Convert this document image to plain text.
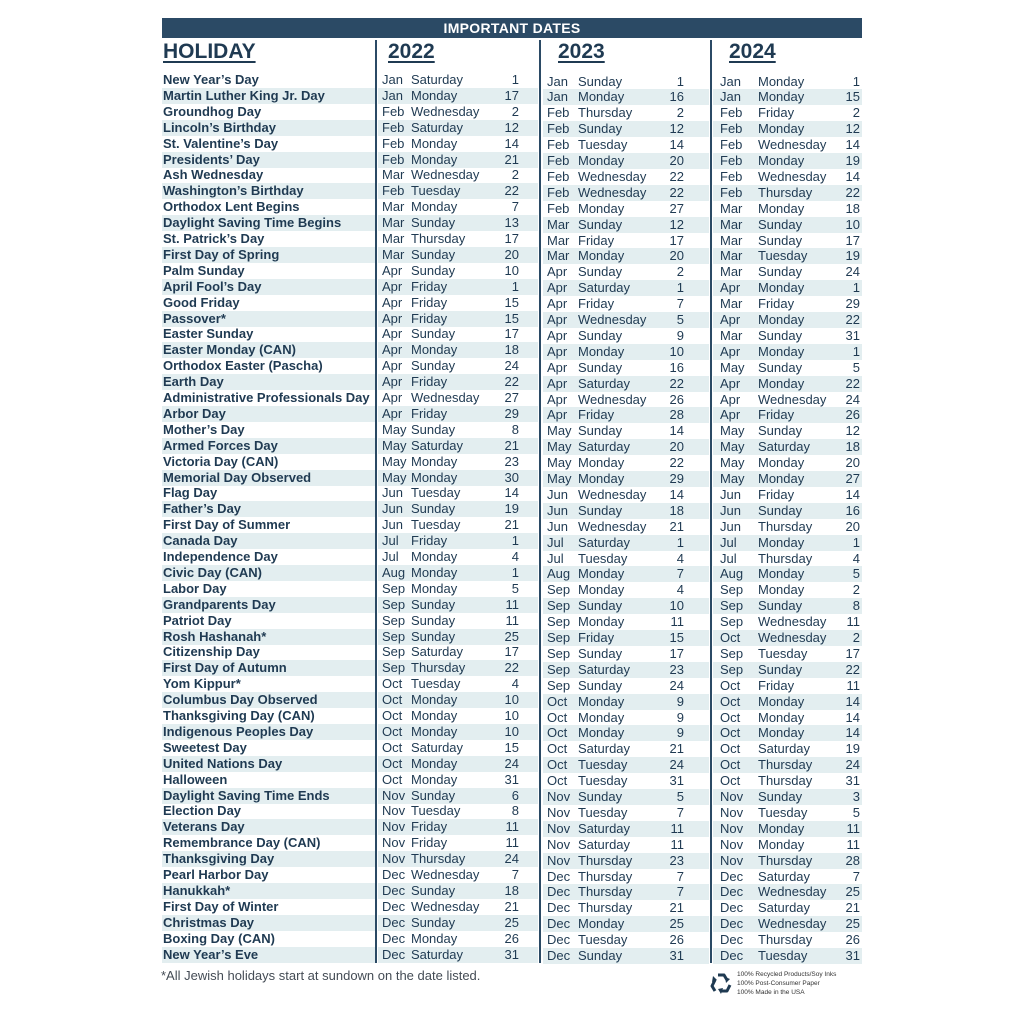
IMPORTANT DATES
HOLIDAY	2022	2023	2024
New Year’s Day	Jan Saturday	1 Jan Sunday	1	Jan Monday	1
Martin Luther King Jr. Day	Jan Monday	17 Jan Monday	16	Jan Monday	15
Groundhog Day	Feb Wednesday	2 Feb Thursday	2	Feb Friday	2
Lincoln’s Birthday	Feb Saturday	12 Feb Sunday	12	Feb Monday	12
St. Valentine’s Day	Feb Monday	14 Feb Tuesday	14	Feb Wednesday	14
Presidents’ Day	Feb Monday	21 Feb Monday	20	Feb Monday	19
Ash Wednesday	Mar Wednesday	2 Feb Wednesday	22	Feb Wednesday	14
Washington’s Birthday	Feb Tuesday	22 Feb Wednesday	22	Feb Thursday	22
Orthodox Lent Begins	Mar Monday	7 Feb Monday	27	Mar Monday	18
Daylight Saving Time Begins	Mar Sunday	13 Mar Sunday	12	Mar Sunday	10
St. Patrick’s Day	Mar Thursday	17 Mar Friday	17	Mar Sunday	17
First Day of Spring	Mar Sunday	20 Mar Monday	20	Mar Tuesday	19
Palm Sunday	Apr Sunday	10 Apr Sunday	2	Mar Sunday	24
April Fool’s Day	Apr Friday	1 Apr Saturday	1	Apr Monday	1
Good Friday	Apr Friday	15 Apr Friday	7	Mar Friday	29
Passover*	Apr Friday	15 Apr Wednesday	5	Apr Monday	22
Easter Sunday	Apr Sunday	17 Apr Sunday	9	Mar Sunday	31
Easter Monday (CAN)	Apr Monday	18 Apr Monday	10	Apr Monday	1
Orthodox Easter (Pascha)	Apr Sunday	24 Apr Sunday	16	May Sunday	5
Earth Day	Apr Friday	22 Apr Saturday	22	Apr Monday	22
Administrative Professionals Day Apr Wednesday	27 Apr Wednesday	26	Apr Wednesday	24
Arbor Day	Apr Friday	29 Apr Friday	28	Apr Friday	26
Mother’s Day	May Sunday	8 May Sunday	14	May Sunday	12
Armed Forces Day	May Saturday	21 May Saturday	20	May Saturday	18
Victoria Day (CAN)	May Monday	23 May Monday	22	May Monday	20
Memorial Day Observed	May Monday	30 May Monday	29	May Monday	27
Flag Day	Jun Tuesday	14 Jun Wednesday	14	Jun Friday	14
Father’s Day	Jun Sunday	19 Jun Sunday	18	Jun Sunday	16
First Day of Summer	Jun Tuesday	21 Jun Wednesday	21	Jun Thursday	20
Canada Day	Jul Friday	1 Jul Saturday	1	Jul Monday	1
Independence Day	Jul Monday	4 Jul Tuesday	4	Jul Thursday	4
Civic Day (CAN)	Aug Monday	1 Aug Monday	7	Aug Monday	5
Labor Day	Sep Monday	5 Sep Monday	4	Sep Monday	2
Grandparents Day	Sep Sunday	11 Sep Sunday	10	Sep Sunday	8
Patriot Day	Sep Sunday	11 Sep Monday	11	Sep Wednesday	11
Rosh Hashanah*	Sep Sunday	25 Sep Friday	15	Oct Wednesday	2
Citizenship Day	Sep Saturday	17 Sep Sunday	17	Sep Tuesday	17
First Day of Autumn	Sep Thursday	22 Sep Saturday	23	Sep Sunday	22
Yom Kippur*	Oct Tuesday	4 Sep Sunday	24	Oct Friday	11
Columbus Day Observed	Oct Monday	10 Oct Monday	9	Oct Monday	14
Thanksgiving Day (CAN)	Oct Monday	10 Oct Monday	9	Oct Monday	14
Indigenous Peoples Day	Oct Monday	10 Oct Monday	9	Oct Monday	14
Sweetest Day	Oct Saturday	15 Oct Saturday	21	Oct Saturday	19
United Nations Day	Oct Monday	24 Oct Tuesday	24	Oct Thursday	24
Halloween	Oct Monday	31 Oct Tuesday	31	Oct Thursday	31
Daylight Saving Time Ends	Nov Sunday	6 Nov Sunday	5	Nov Sunday	3
Election Day	Nov Tuesday	8 Nov Tuesday	7	Nov Tuesday	5
Veterans Day	Nov Friday	11 Nov Saturday	11	Nov Monday	11
Remembrance Day (CAN)	Nov Friday	11 Nov Saturday	11	Nov Monday	11
Thanksgiving Day	Nov Thursday	24 Nov Thursday	23	Nov Thursday	28
Pearl Harbor Day	Dec Wednesday	7 Dec Thursday	7	Dec Saturday	7
Hanukkah*	Dec Sunday	18 Dec Thursday	7	Dec Wednesday	25
First Day of Winter	Dec Wednesday	21 Dec Thursday	21	Dec Saturday	21
Christmas Day	Dec Sunday	25 Dec Monday	25	Dec Wednesday	25
Boxing Day (CAN)	Dec Monday	26 Dec Tuesday	26	Dec Thursday	26
New Year’s Eve	Dec Saturday	31 Dec Sunday	31	Dec Tuesday	31
*All Jewish holidays start at sundown on the date listed.	100% Recycled Products/Soy Inks
100% Post-Consumer Paper
100% Made in the USA
